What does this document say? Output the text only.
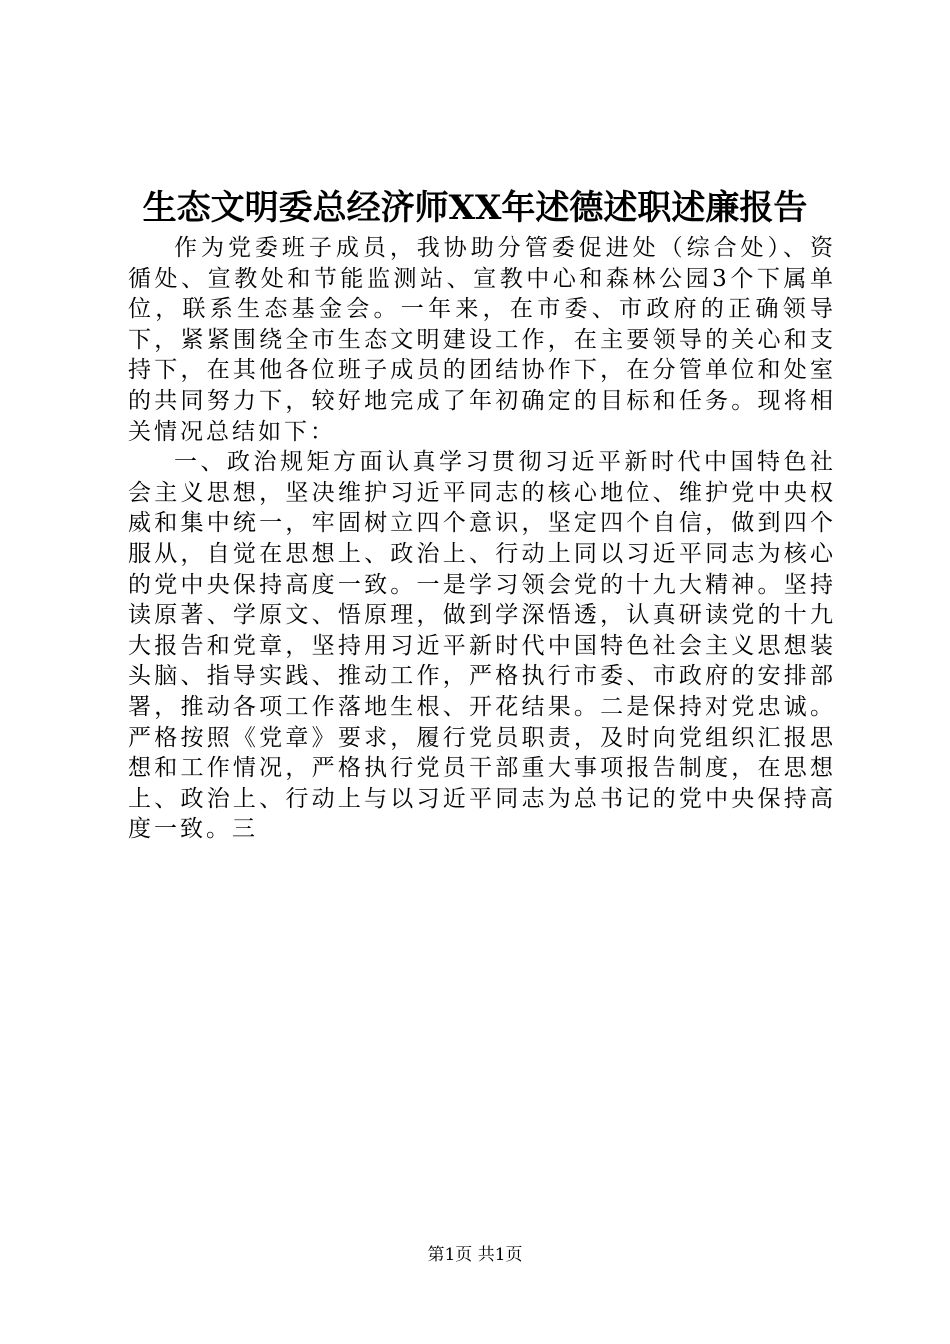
生态文明委总经济师XX年述德述职述廉报告

作为党委班子成员，我协助分管委促进处（综合处）、资循处、宣教处和节能监测站、宣教中心和森林公园3个下属单位，联系生态基金会。一年来，在市委、市政府的正确领导下，紧紧围绕全市生态文明建设工作，在主要领导的关心和支持下，在其他各位班子成员的团结协作下，在分管单位和处室的共同努力下，较好地完成了年初确定的目标和任务。现将相关情况总结如下：

一、政治规矩方面认真学习贯彻习近平新时代中国特色社会主义思想，坚决维护习近平同志的核心地位、维护党中央权威和集中统一，牢固树立四个意识，坚定四个自信，做到四个服从，自觉在思想上、政治上、行动上同以习近平同志为核心的党中央保持高度一致。一是学习领会党的十九大精神。坚持读原著、学原文、悟原理，做到学深悟透，认真研读党的十九大报告和党章，坚持用习近平新时代中国特色社会主义思想装头脑、指导实践、推动工作，严格执行市委、市政府的安排部署，推动各项工作落地生根、开花结果。二是保持对党忠诚。严格按照《党章》要求，履行党员职责，及时向党组织汇报思想和工作情况，严格执行党员干部重大事项报告制度，在思想上、政治上、行动上与以习近平同志为总书记的党中央保持高度一致。三

第1页 共1页
